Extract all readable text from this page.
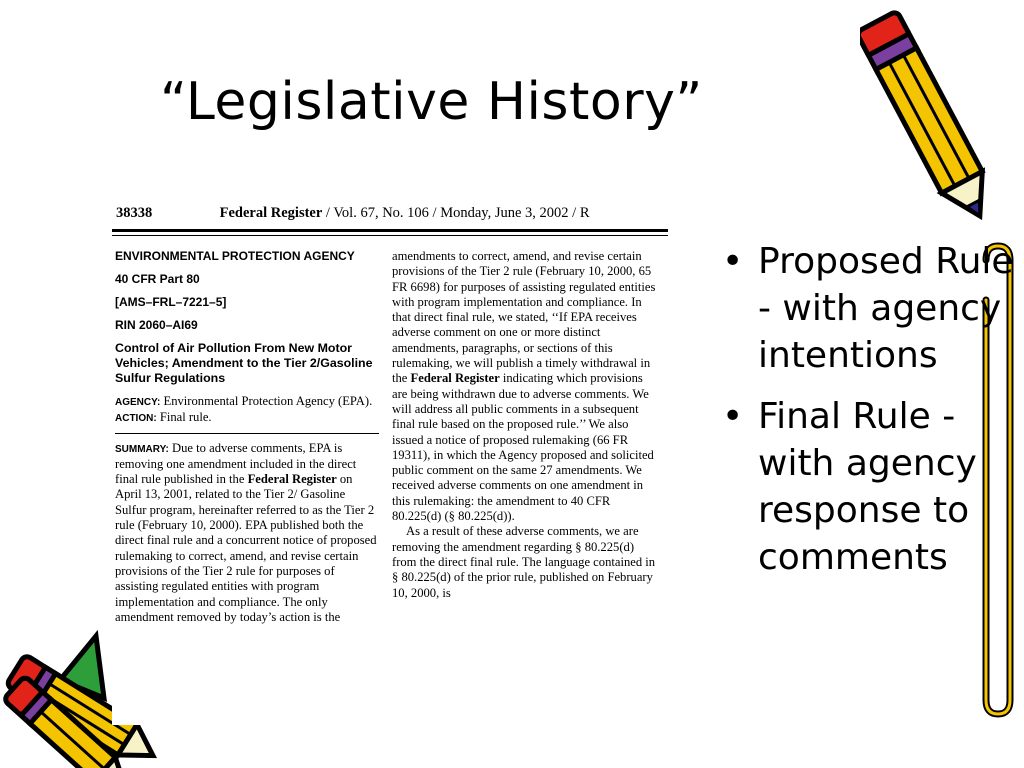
“Legislative History”
38338	Federal Register / Vol. 67, No. 106 / Monday, June 3, 2002 / R

ENVIRONMENTAL PROTECTION AGENCY

40 CFR Part 80

[AMS–FRL–7221–5]

RIN 2060–AI69

Control of Air Pollution From New Motor Vehicles; Amendment to the Tier 2/Gasoline Sulfur Regulations

AGENCY: Environmental Protection Agency (EPA).

ACTION: Final rule.

SUMMARY: Due to adverse comments, EPA is removing one amendment included in the direct final rule published in the Federal Register on April 13, 2001, related to the Tier 2/ Gasoline Sulfur program, hereinafter referred to as the Tier 2 rule (February 10, 2000). EPA published both the direct final rule and a concurrent notice of proposed rulemaking to correct, amend, and revise certain provisions of the Tier 2 rule for purposes of assisting regulated entities with program implementation and compliance. The only amendment removed by today’s action is the

amendments to correct, amend, and revise certain provisions of the Tier 2 rule (February 10, 2000, 65 FR 6698) for purposes of assisting regulated entities with program implementation and compliance. In that direct final rule, we stated, ‘‘If EPA receives adverse comment on one or more distinct amendments, paragraphs, or sections of this rulemaking, we will publish a timely withdrawal in the Federal Register indicating which provisions are being withdrawn due to adverse comments. We will address all public comments in a subsequent final rule based on the proposed rule.’’ We also issued a notice of proposed rulemaking (66 FR 19311), in which the Agency proposed and solicited public comment on the same 27 amendments. We received adverse comments on one amendment in this rulemaking: the amendment to 40 CFR 80.225(d) (§ 80.225(d)).

As a result of these adverse comments, we are removing the amendment regarding § 80.225(d) from the direct final rule. The language contained in § 80.225(d) of the prior rule, published on February 10, 2000, is

• Proposed Rule - with agency intentions
• Final Rule - with agency response to comments
